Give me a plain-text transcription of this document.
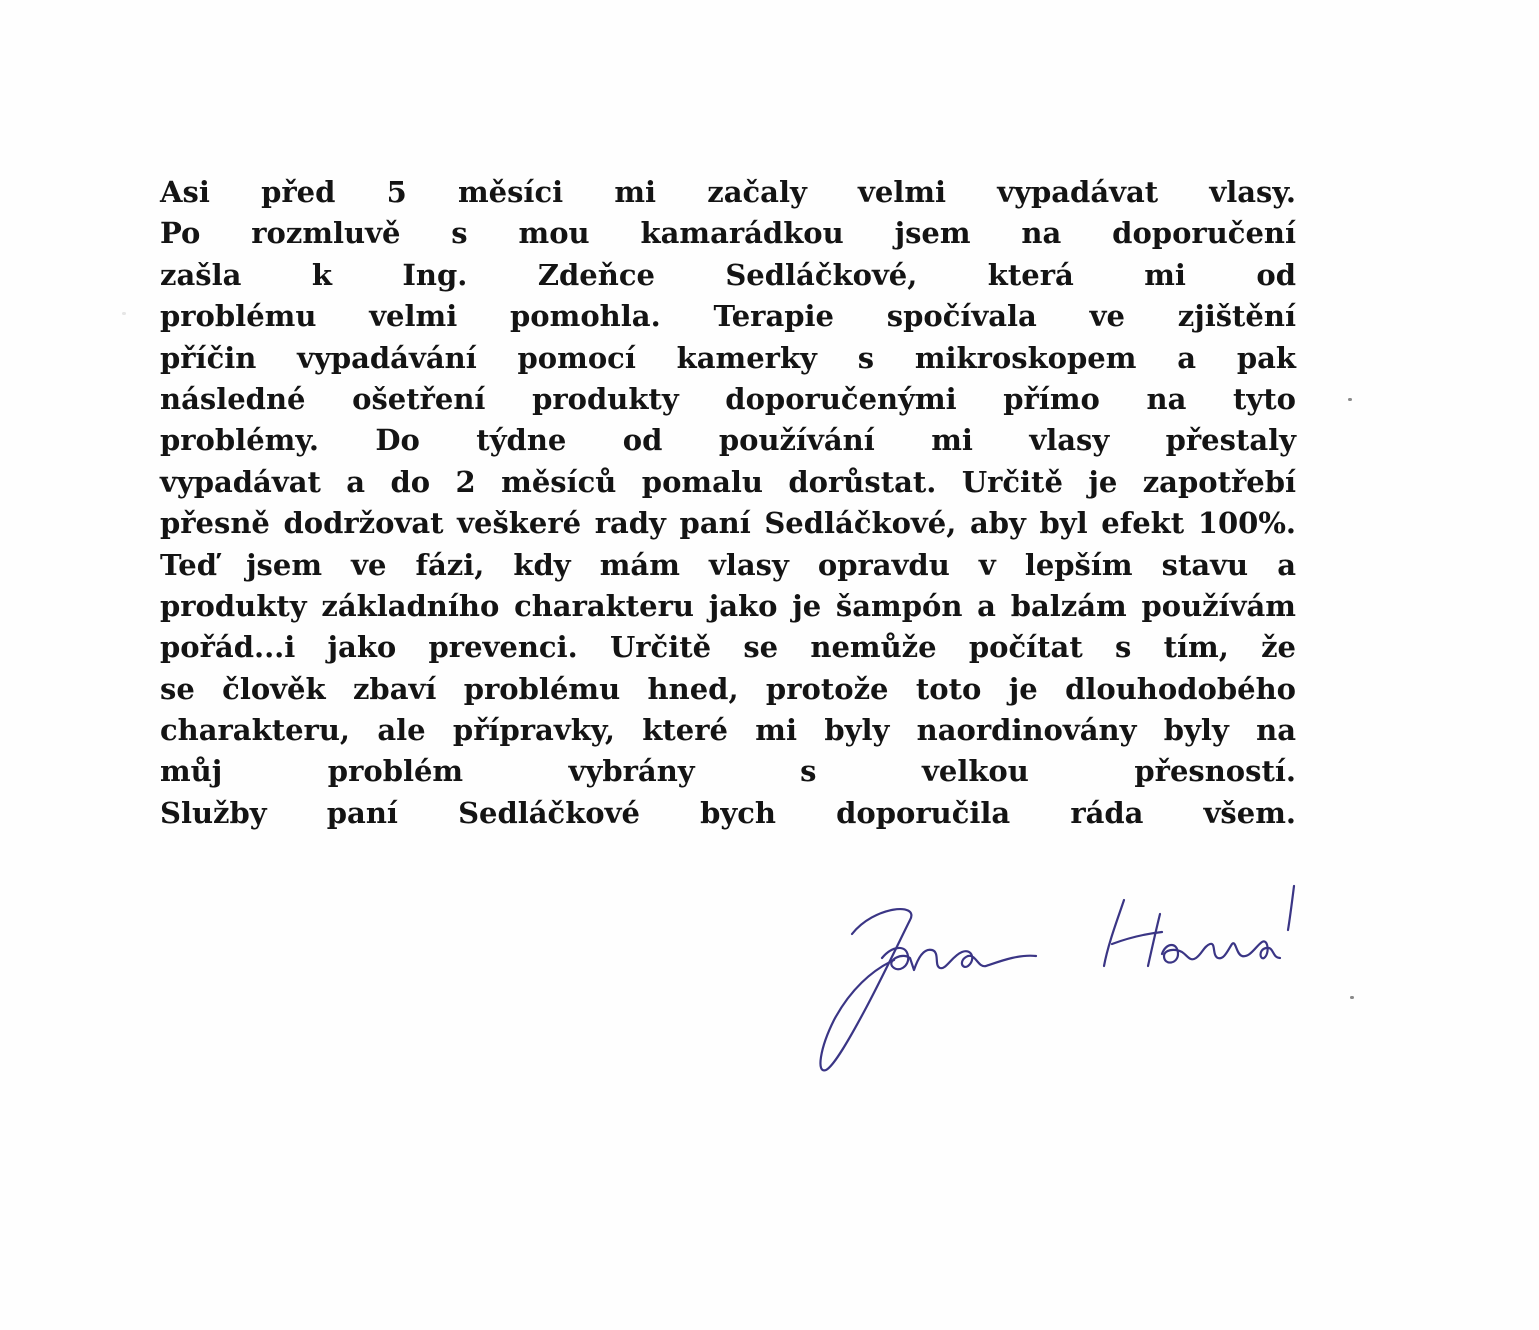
Asi před 5 měsíci mi začaly velmi vypadávat vlasy.
Po rozmluvě s mou kamarádkou jsem na doporučení
zašla k Ing. Zdeňce Sedláčkové, která mi od
problému velmi pomohla. Terapie spočívala ve zjištění
příčin vypadávání pomocí kamerky s mikroskopem a pak
následné ošetření produkty doporučenými přímo na tyto
problémy. Do týdne od používání mi vlasy přestaly
vypadávat a do 2 měsíců pomalu dorůstat. Určitě je zapotřebí
přesně dodržovat veškeré rady paní Sedláčkové, aby byl efekt 100%.
Teď jsem ve fázi, kdy mám vlasy opravdu v lepším stavu a
produkty základního charakteru jako je šampón a balzám používám
pořád...i jako prevenci. Určitě se nemůže počítat s tím, že
se člověk zbaví problému hned, protože toto je dlouhodobého
charakteru, ale přípravky, které mi byly naordinovány byly na
můj problém vybrány s velkou přesností.
Služby paní Sedláčkové bych doporučila ráda všem.
